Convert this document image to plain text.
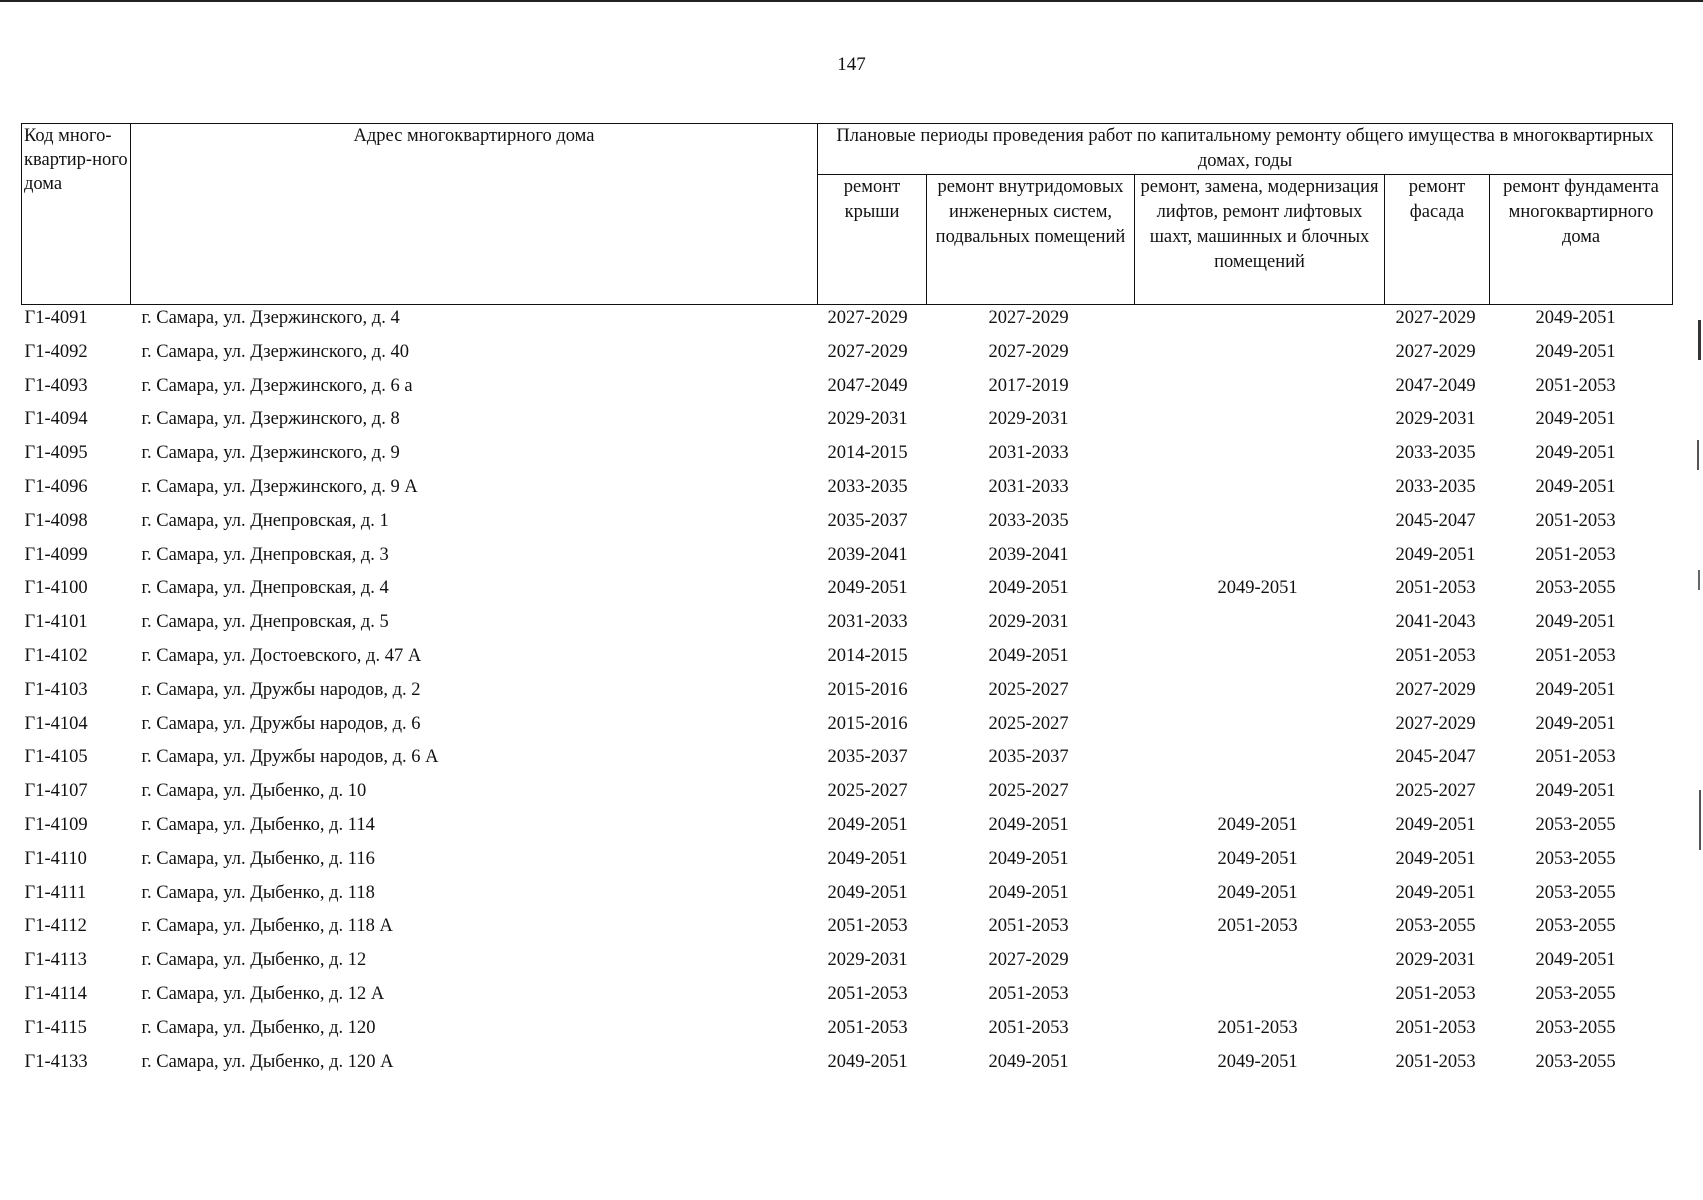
147
Код много-квартир-ного дома	Адрес многоквартирного дома	Плановые периоды проведения работ по капитальному ремонту общего имущества в многоквартирных домах, годы				
		ремонт крыши	ремонт внутридомовых инженерных систем, подвальных помещений	ремонт, замена, модернизация лифтов, ремонт лифтовых шахт, машинных и блочных помещений	ремонт фасада	ремонт фундамента многоквартирного дома
Г1-4091	г. Самара, ул. Дзержинского, д. 4	2027-2029	2027-2029		2027-2029	2049-2051
Г1-4092	г. Самара, ул. Дзержинского, д. 40	2027-2029	2027-2029		2027-2029	2049-2051
Г1-4093	г. Самара, ул. Дзержинского, д. 6 а	2047-2049	2017-2019		2047-2049	2051-2053
Г1-4094	г. Самара, ул. Дзержинского, д. 8	2029-2031	2029-2031		2029-2031	2049-2051
Г1-4095	г. Самара, ул. Дзержинского, д. 9	2014-2015	2031-2033		2033-2035	2049-2051
Г1-4096	г. Самара, ул. Дзержинского, д. 9 А	2033-2035	2031-2033		2033-2035	2049-2051
Г1-4098	г. Самара, ул. Днепровская, д. 1	2035-2037	2033-2035		2045-2047	2051-2053
Г1-4099	г. Самара, ул. Днепровская, д. 3	2039-2041	2039-2041		2049-2051	2051-2053
Г1-4100	г. Самара, ул. Днепровская, д. 4	2049-2051	2049-2051	2049-2051	2051-2053	2053-2055
Г1-4101	г. Самара, ул. Днепровская, д. 5	2031-2033	2029-2031		2041-2043	2049-2051
Г1-4102	г. Самара, ул. Достоевского, д. 47 А	2014-2015	2049-2051		2051-2053	2051-2053
Г1-4103	г. Самара, ул. Дружбы народов, д. 2	2015-2016	2025-2027		2027-2029	2049-2051
Г1-4104	г. Самара, ул. Дружбы народов, д. 6	2015-2016	2025-2027		2027-2029	2049-2051
Г1-4105	г. Самара, ул. Дружбы народов, д. 6 А	2035-2037	2035-2037		2045-2047	2051-2053
Г1-4107	г. Самара, ул. Дыбенко, д. 10	2025-2027	2025-2027		2025-2027	2049-2051
Г1-4109	г. Самара, ул. Дыбенко, д. 114	2049-2051	2049-2051	2049-2051	2049-2051	2053-2055
Г1-4110	г. Самара, ул. Дыбенко, д. 116	2049-2051	2049-2051	2049-2051	2049-2051	2053-2055
Г1-4111	г. Самара, ул. Дыбенко, д. 118	2049-2051	2049-2051	2049-2051	2049-2051	2053-2055
Г1-4112	г. Самара, ул. Дыбенко, д. 118 А	2051-2053	2051-2053	2051-2053	2053-2055	2053-2055
Г1-4113	г. Самара, ул. Дыбенко, д. 12	2029-2031	2027-2029		2029-2031	2049-2051
Г1-4114	г. Самара, ул. Дыбенко, д. 12 А	2051-2053	2051-2053		2051-2053	2053-2055
Г1-4115	г. Самара, ул. Дыбенко, д. 120	2051-2053	2051-2053	2051-2053	2051-2053	2053-2055
Г1-4133	г. Самара, ул. Дыбенко, д. 120 А	2049-2051	2049-2051	2049-2051	2051-2053	2053-2055
